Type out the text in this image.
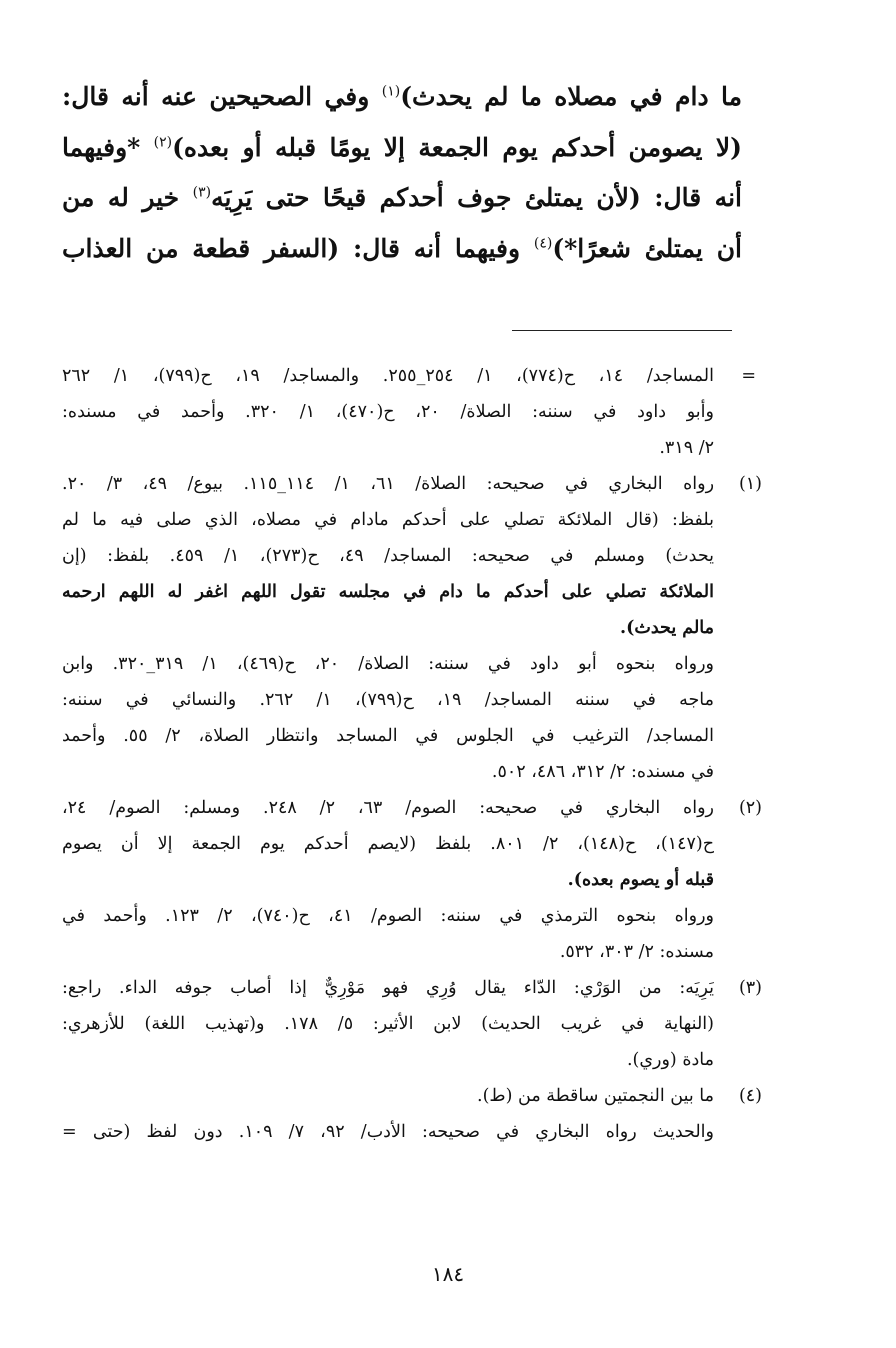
ما دام في مصلاه ما لم يحدث)$^{(١)}$ وفي الصحيحين عنه أنه قال:

(لا يصومن أحدكم يوم الجمعة إلا يومًا قبله أو بعده)$^{(٢)}$ *وفيهما

أنه قال: (لأن يمتلئ جوف أحدكم قيحًا حتى يَرِيَه$^{(٣)}$ خير له من

أن يمتلئ شعرًا*)$^{(٤)}$ وفيهما أنه قال: (السفر قطعة من العذاب

=

المساجد/ ١٤، ح(٧٧٤)، ١/ ٢٥٤_٢٥٥. والمساجد/ ١٩، ح(٧٩٩)، ١/ ٢٦٢

وأبو داود في سننه: الصلاة/ ٢٠، ح(٤٧٠)، ١/ ٣٢٠. وأحمد في مسنده:

٢/ ٣١٩.

(١)

رواه البخاري في صحيحه: الصلاة/ ٦١، ١/ ١١٤_١١٥. بيوع/ ٤٩، ٣/ ٢٠.

بلفظ: (قال الملائكة تصلي على أحدكم مادام في مصلاه، الذي صلى فيه ما لم

يحدث) ومسلم في صحيحه: المساجد/ ٤٩، ح(٢٧٣)، ١/ ٤٥٩. بلفظ: (إن

الملائكة تصلي على أحدكم ما دام في مجلسه تقول اللهم اغفر له اللهم ارحمه

مالم يحدث).

ورواه بنحوه أبو داود في سننه: الصلاة/ ٢٠، ح(٤٦٩)، ١/ ٣١٩_٣٢٠. وابن

ماجه في سننه المساجد/ ١٩، ح(٧٩٩)، ١/ ٢٦٢. والنسائي في سننه:

المساجد/ الترغيب في الجلوس في المساجد وانتظار الصلاة، ٢/ ٥٥. وأحمد

في مسنده: ٢/ ٣١٢، ٤٨٦، ٥٠٢.

(٢)

رواه البخاري في صحيحه: الصوم/ ٦٣، ٢/ ٢٤٨. ومسلم: الصوم/ ٢٤،

ح(١٤٧)، ح(١٤٨)، ٢/ ٨٠١. بلفظ (لايصم أحدكم يوم الجمعة إلا أن يصوم

قبله أو يصوم بعده).

ورواه بنحوه الترمذي في سننه: الصوم/ ٤١، ح(٧٤٠)، ٢/ ١٢٣. وأحمد في

مسنده: ٢/ ٣٠٣، ٥٣٢.

(٣)

يَرِيَه: من الوَرْي: الدّاء يقال وُرِي فهو مَوْرِيٌّ إذا أصاب جوفه الداء. راجع:

(النهاية في غريب الحديث) لابن الأثير: ٥/ ١٧٨. و(تهذيب اللغة) للأزهري:

مادة (وري).

(٤)

ما بين النجمتين ساقطة من (ط).

والحديث رواه البخاري في صحيحه: الأدب/ ٩٢، ٧/ ١٠٩. دون لفظ (حتى =

١٨٤
